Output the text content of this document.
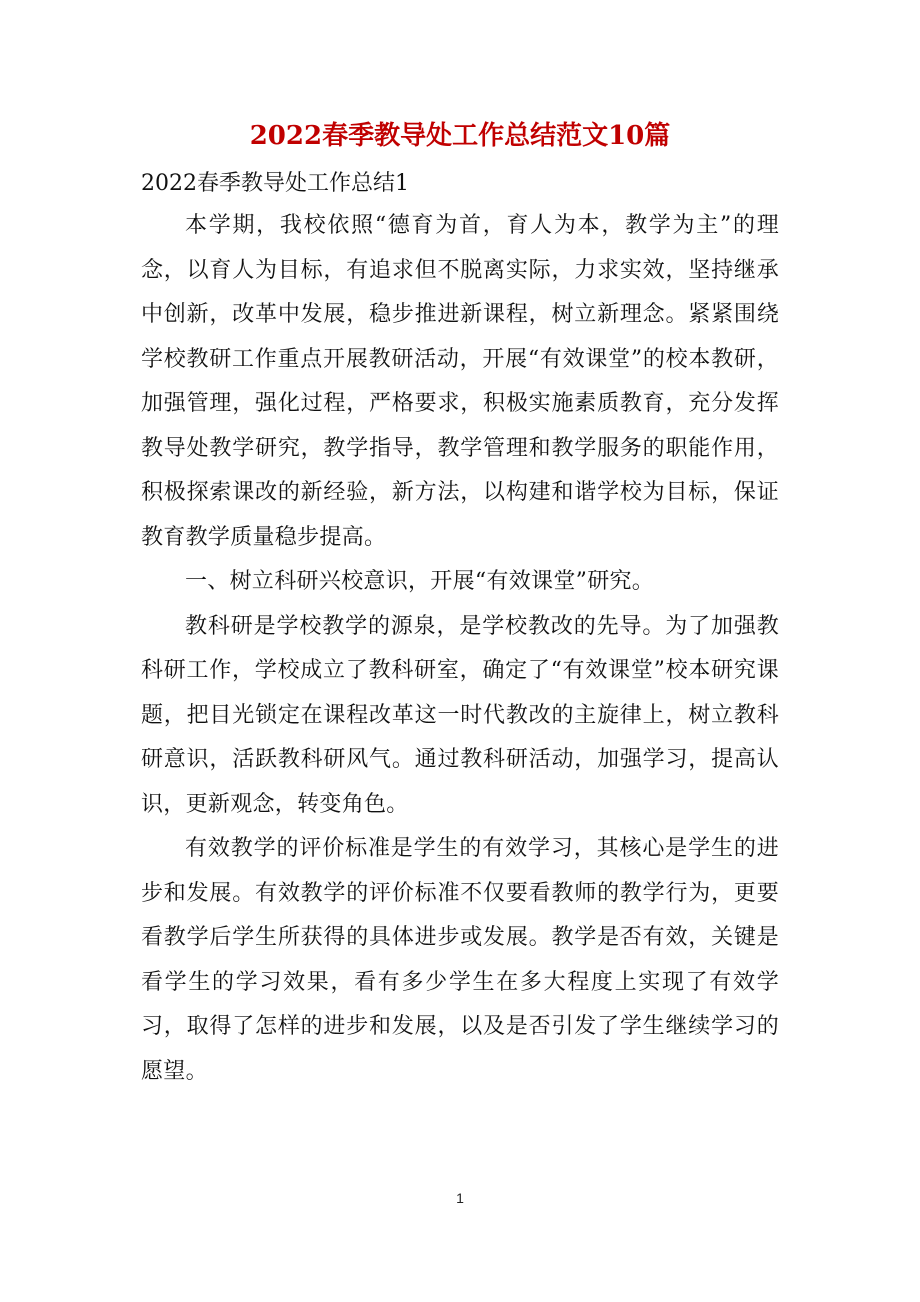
2022春季教导处工作总结范文10篇
2022春季教导处工作总结1

本学期，我校依照“德育为首，育人为本，教学为主”的理念，以育人为目标，有追求但不脱离实际，力求实效，坚持继承中创新，改革中发展，稳步推进新课程，树立新理念。紧紧围绕学校教研工作重点开展教研活动，开展“有效课堂”的校本教研，加强管理，强化过程，严格要求，积极实施素质教育，充分发挥教导处教学研究，教学指导，教学管理和教学服务的职能作用，积极探索课改的新经验，新方法，以构建和谐学校为目标，保证教育教学质量稳步提高。

一、树立科研兴校意识，开展“有效课堂”研究。

教科研是学校教学的源泉，是学校教改的先导。为了加强教科研工作，学校成立了教科研室，确定了“有效课堂”校本研究课题，把目光锁定在课程改革这一时代教改的主旋律上，树立教科研意识，活跃教科研风气。通过教科研活动，加强学习，提高认识，更新观念，转变角色。

有效教学的评价标准是学生的有效学习，其核心是学生的进步和发展。有效教学的评价标准不仅要看教师的教学行为，更要看教学后学生所获得的具体进步或发展。教学是否有效，关键是看学生的学习效果，看有多少学生在多大程度上实现了有效学习，取得了怎样的进步和发展，以及是否引发了学生继续学习的愿望。

1
